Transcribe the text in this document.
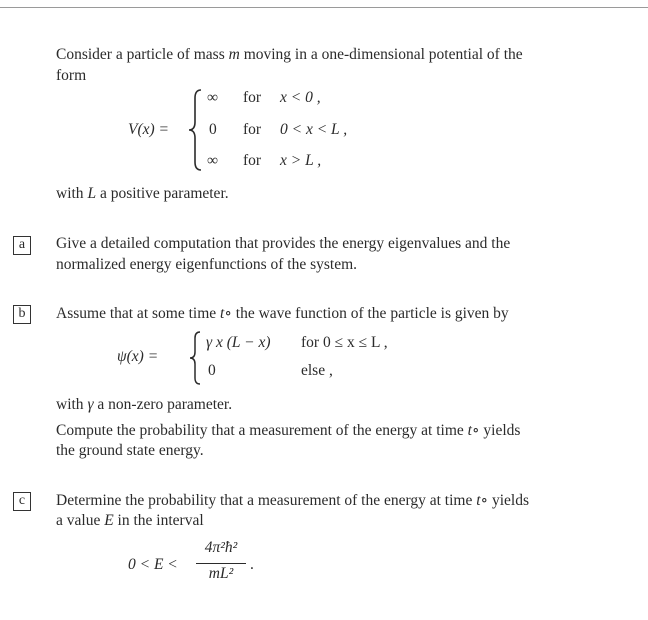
Consider a particle of mass m moving in a one-dimensional potential of the
form
V(x) =
∞ for x < 0 ,
0 for 0 < x < L ,
∞ for x > L ,
with L a positive parameter.
a	Give a detailed computation that provides the energy eigenvalues and the
normalized energy eigenfunctions of the system.
b	Assume that at some time t∘ the wave function of the particle is given by
ψ(x) =
γ x (L − x) for 0 ≤ x ≤ L ,
0	else ,
with γ a non-zero parameter.
Compute the probability that a measurement of the energy at time t∘ yields
the ground state energy.
c	Determine the probability that a measurement of the energy at time t∘ yields
a value E in the interval
0 < E <
4π²ħ²
mL²
.
